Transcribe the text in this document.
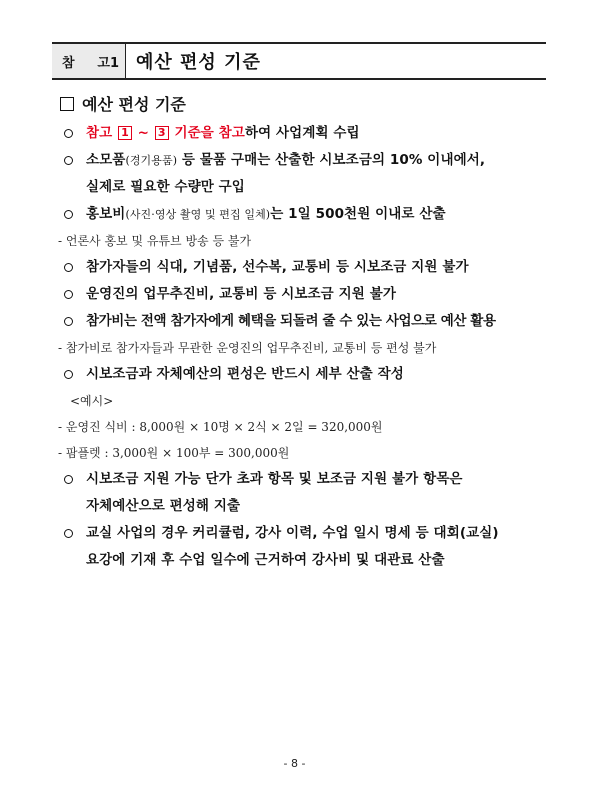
참 고1 예산 편성 기준
예산 편성 기준
참고 1 ~ 3 기준을 참고하여 사업계획 수립
소모품(경기용품) 등 물품 구매는 산출한 시보조금의 10% 이내에서,
실제로 필요한 수량만 구입
홍보비(사진·영상 촬영 및 편집 일체)는 1일 500천원 이내로 산출
- 언론사 홍보 및 유튜브 방송 등 불가
참가자들의 식대, 기념품, 선수복, 교통비 등 시보조금 지원 불가
운영진의 업무추진비, 교통비 등 시보조금 지원 불가
참가비는 전액 참가자에게 혜택을 되돌려 줄 수 있는 사업으로 예산 활용
- 참가비로 참가자들과 무관한 운영진의 업무추진비, 교통비 등 편성 불가
시보조금과 자체예산의 편성은 반드시 세부 산출 작성
<예시>
- 운영진 식비 : 8,000원 × 10명 × 2식 × 2일 = 320,000원
- 팜플렛 : 3,000원 × 100부 = 300,000원
시보조금 지원 가능 단가 초과 항목 및 보조금 지원 불가 항목은
자체예산으로 편성해 지출
교실 사업의 경우 커리큘럼, 강사 이력, 수업 일시 명세 등 대회(교실)
요강에 기재 후 수업 일수에 근거하여 강사비 및 대관료 산출
- 8 -
